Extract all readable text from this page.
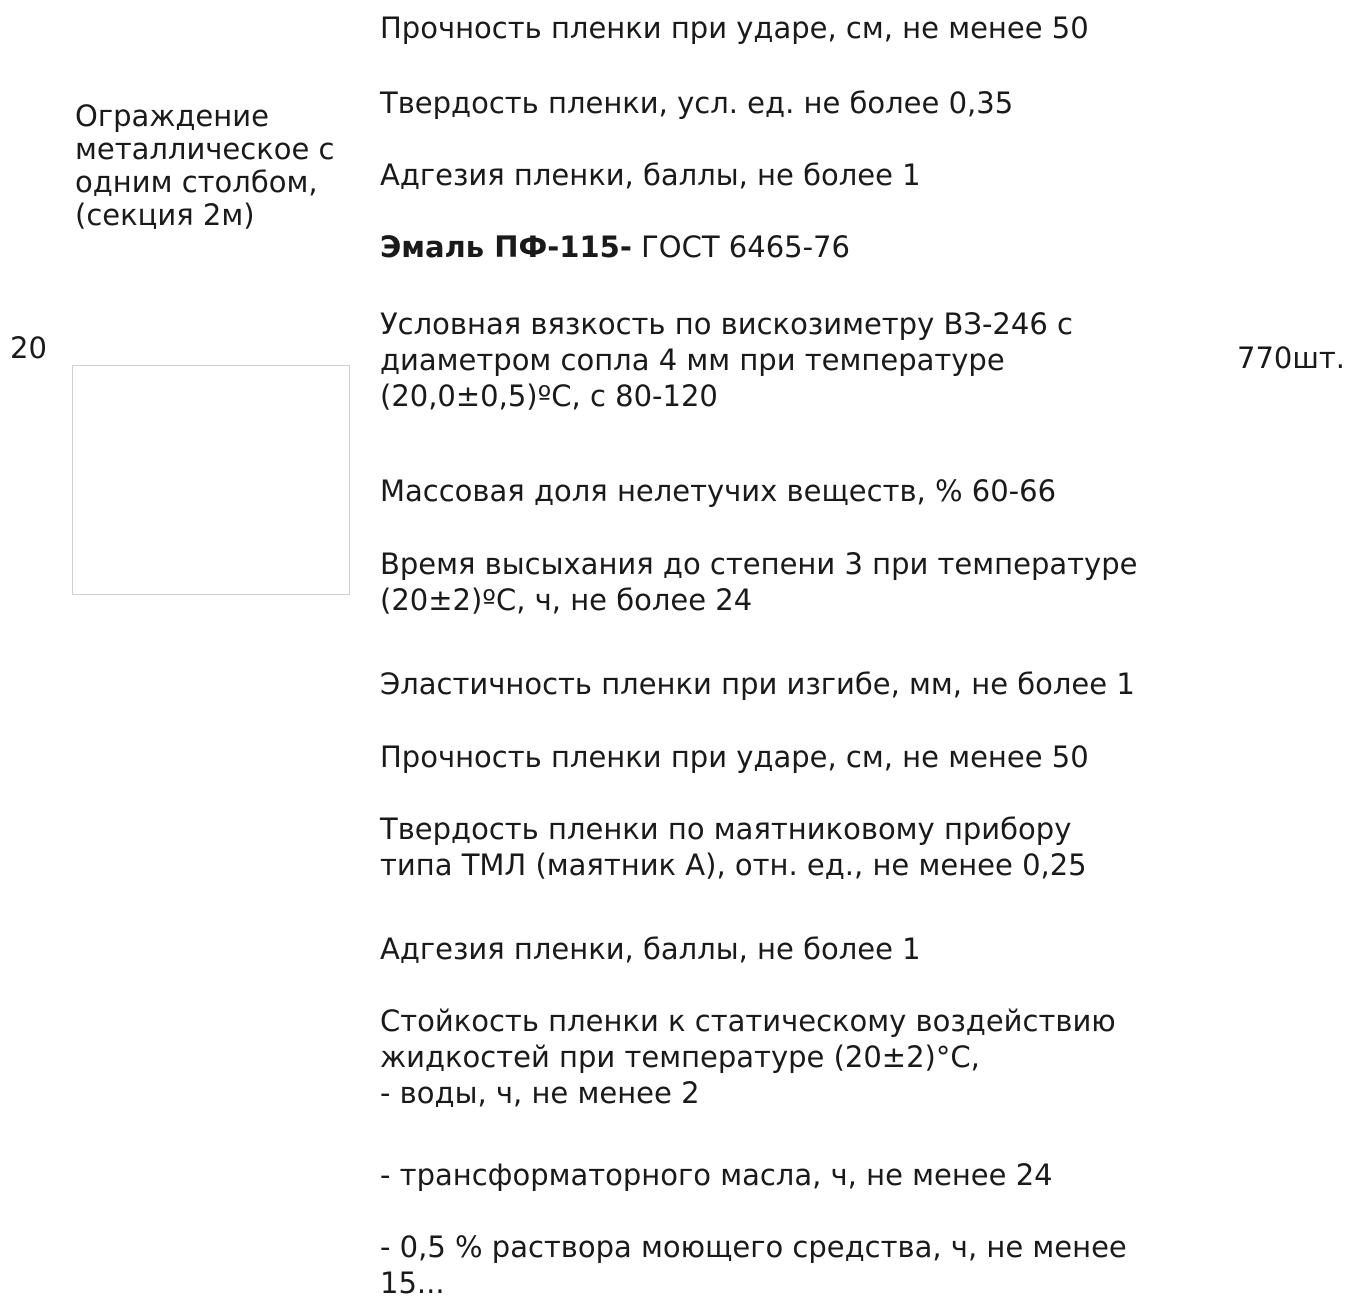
20
Ограждение
металлическое с
одним столбом,
(секция 2м)

Прочность пленки при ударе, см, не менее 50

Твердость пленки, усл. ед. не более 0,35

Адгезия пленки, баллы, не более 1

Эмаль ПФ-115- ГОСТ 6465-76

Условная вязкость по вискозиметру ВЗ-246 с
диаметром сопла 4 мм при температуре
(20,0±0,5)ºС, с 80-120

Массовая доля нелетучих веществ, % 60-66

Время высыхания до степени 3 при температуре
(20±2)ºС, ч, не более 24

Эластичность пленки при изгибе, мм, не более 1

Прочность пленки при ударе, см, не менее 50

Твердость пленки по маятниковому прибору
типа ТМЛ (маятник А), отн. ед., не менее 0,25

Адгезия пленки, баллы, не более 1

Стойкость пленки к статическому воздействию
жидкостей при температуре (20±2)°С,
- воды, ч, не менее 2

- трансформаторного масла, ч, не менее 24

- 0,5 % раствора моющего средства, ч, не менее
15...

770шт.
